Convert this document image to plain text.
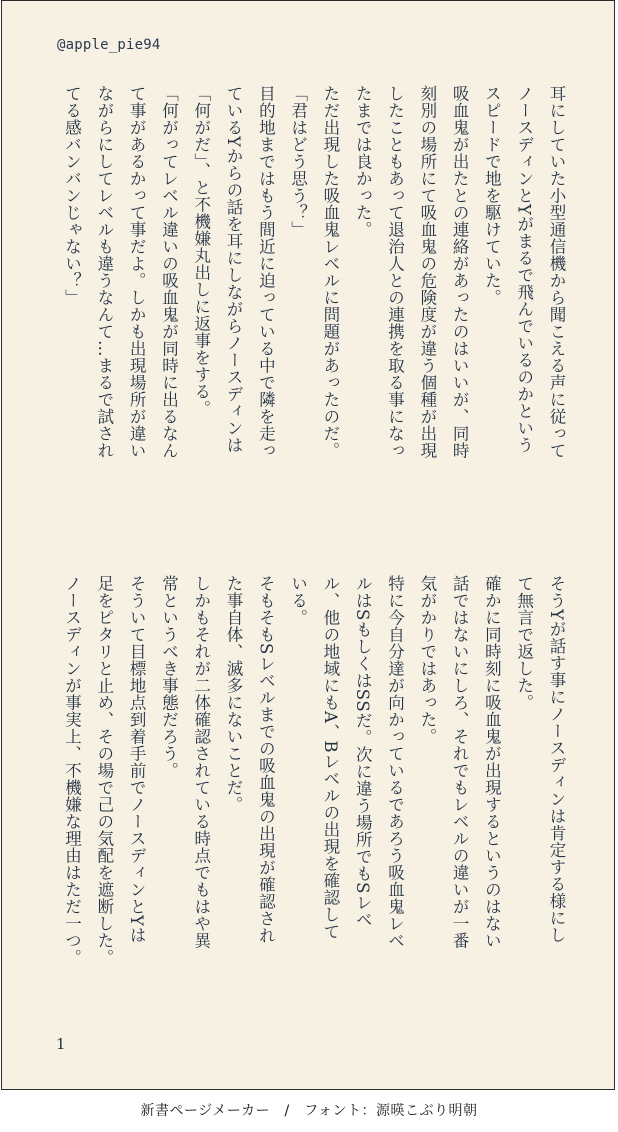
@apple_pie94
耳にしていた小型通信機から聞こえる声に従って
ノースディンとYがまるで飛んでいるのかという
スピードで地を駆けていた。
吸血鬼が出たとの連絡があったのはいいが、同時
刻別の場所にて吸血鬼の危険度が違う個種が出現
したこともあって退治人との連携を取る事になっ
たまでは良かった。
ただ出現した吸血鬼レベルに問題があったのだ。
「君はどう思う？」
目的地まではもう間近に迫っている中で隣を走っ
ているYからの話を耳にしながらノースディンは
「何がだ」、と不機嫌丸出しに返事をする。
「何がってレベル違いの吸血鬼が同時に出るなん
て事があるかって事だよ。しかも出現場所が違い
ながらにしてレベルも違うなんて…まるで試され
てる感バンバンじゃない？」
そうYが話す事にノースディンは肯定する様にし
て無言で返した。
確かに同時刻に吸血鬼が出現するというのはない
話ではないにしろ、それでもレベルの違いが一番
気がかりではあった。
特に今自分達が向かっているであろう吸血鬼レベ
ルはSもしくはSSだ。次に違う場所でもSレベ
ル、他の地域にもA、Bレベルの出現を確認して
いる。
そもそもSレベルまでの吸血鬼の出現が確認され
た事自体、滅多にないことだ。
しかもそれが二体確認されている時点でもはや異
常というべき事態だろう。
そういて目標地点到着手前でノースディンとYは
足をピタリと止め、その場で己の気配を遮断した。
ノースディンが事実上、不機嫌な理由はただ一つ。
1
新書ページメーカー　/　フォント：源暎こぶり明朝
